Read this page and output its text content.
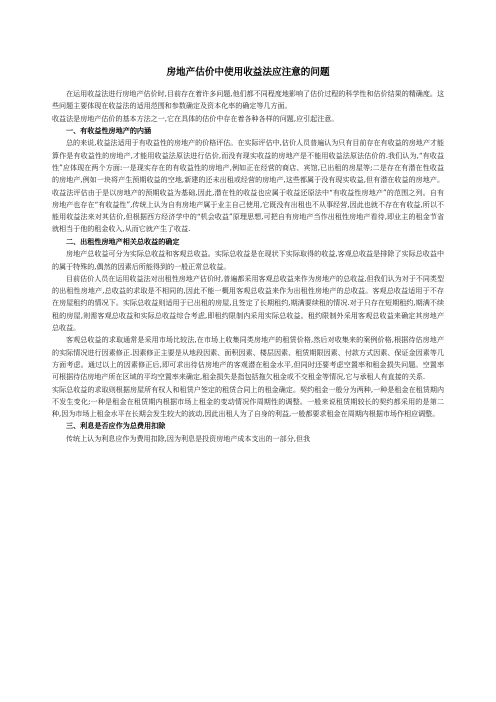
房地产估价中使用收益法应注意的问题

在运用收益法进行房地产估价时,目前存在着许多问题,他们都不同程度地影响了估价过程的科学性和估价结果的精确度。这些问题主要体现在收益法的适用范围和参数确定及资本化率的确定等几方面。

收益法是房地产估价的基本方法之一,它在具体的估价中存在着各种各样的问题,应引起注意。

一、有收益性房地产的内涵

总的来说,收益法适用于有收益性的房地产的价格评估。在实际评估中,估价人员普遍认为只有目前存在有收益的房地产才能算作是有收益性的房地产,才能用收益法原法进行估价,而没有现实收益的房地产是不能用收益法原法估价的.我们认为,“有收益性”应体现在两个方面:一是现实存在的有收益性的房地产,例如正在经营的商店、宾馆,已出租的房屋等;二是存在有潜在性收益的房地产,例如一块将产生预期收益的空地,新建的还未出租或经营的房地产,这些都属于没有现实收益,但有潜在收益的房地产。收益法评估由于是以房地产的预期收益为基础,因此,潜在性的收益也应属于收益还原法中“有收益性房地产”的范围之列。自有房地产也存在“有收益性”,传统上认为自有房地产属于业主自己使用,它既没有出租也不从事经营,因此也就不存在有收益,所以不能用收益法来对其估价,但根据西方经济学中的“机会收益”原理思想,可把自有房地产当作出租性房地产看待,即业主的租金节省就相当于他的租金收入,从而它就产生了收益.

二、出租性房地产相关总收益的确定

房地产总收益可分为实际总收益和客观总收益。实际总收益是在现状下实际取得的收益,客观总收益是排除了实际总收益中的属于特殊的,偶然的因素后所能得到的一般正常总收益。

目前估价人员在运用收益法对出租性房地产估价时,普遍都采用客观总收益来作为房地产的总收益,但我们认为对于不同类型的出租性房地产,总收益的求取是不相同的,因此不能一概用客观总收益来作为出租性房地产的总收益。客观总收益适用于不存在房屋租约的情况下。实际总收益则适用于已出租的房屋,且签定了长期租约,期满要续租的情况.对于只存在短期租约,期满不续租的房屋,则需客观总收益和实际总收益综合考虑,即租约限制内采用实际总收益。租约限制外采用客观总收益来确定其房地产总收益。

客观总收益的求取通常是采用市场比较法,在市场上收集同类房地产的租赁价格,然后对收集来的案例价格,根据待估房地产的实际情况进行因素修正.因素修正主要是从地段因素、面积因素、楼层因素、租赁期限因素、付款方式因素、保证金因素等几方面考虑。通过以上的因素修正后,即可求出待估房地产的客观潜在租金水平,但同时还要考虑空置率和租金损失问题。空置率可根据待估房地产所在区域的平均空置率来确定,租金损失是指包括拖欠租金或不交租金等情况,它与承租人有直接的关系.

实际总收益的求取则根据房屋所有权人和租赁户签定的租赁合同上的租金确定。契约租金一般分为两种,一种是租金在租赁期内不发生变化;一种是租金在租赁期内根据市场上租金的变动情况作周期性的调整。一般来说租赁期较长的契约都采用的是第二种,因为市场上租金水平在长期会发生较大的波动,因此出租人为了自身的利益,一般都要求租金在周期内根据市场作相应调整。

三、利息是否应作为总费用扣除

传统上认为利息应作为费用扣除,因为利息是投资房地产成本支出的一部分,但我
